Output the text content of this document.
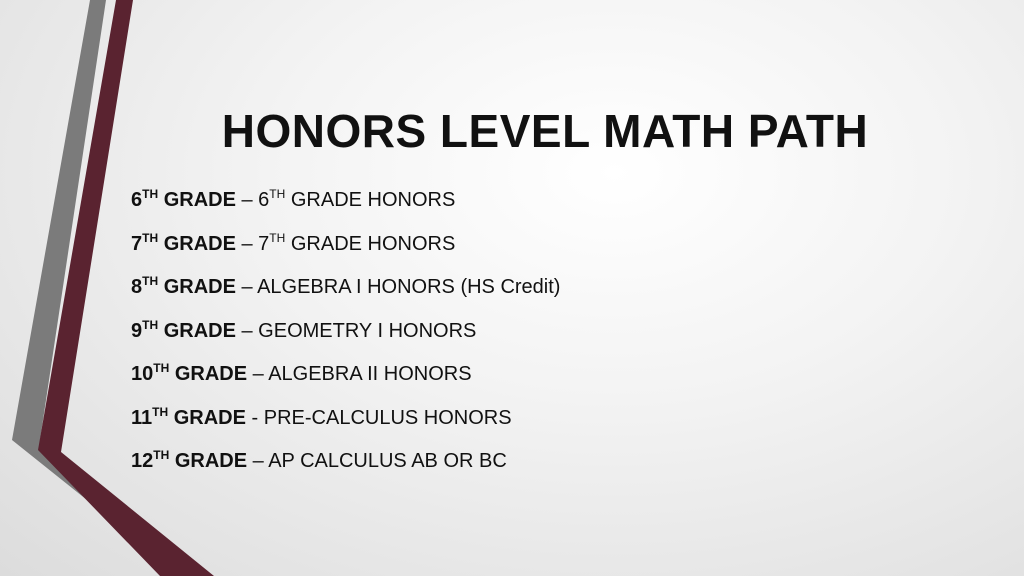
HONORS LEVEL MATH PATH
6TH GRADE – 6TH GRADE HONORS
7TH GRADE – 7TH GRADE HONORS
8TH GRADE – ALGEBRA I HONORS (HS Credit)
9TH GRADE – GEOMETRY I HONORS
10TH GRADE – ALGEBRA II HONORS
11TH GRADE - PRE-CALCULUS HONORS
12TH GRADE – AP CALCULUS AB OR BC
